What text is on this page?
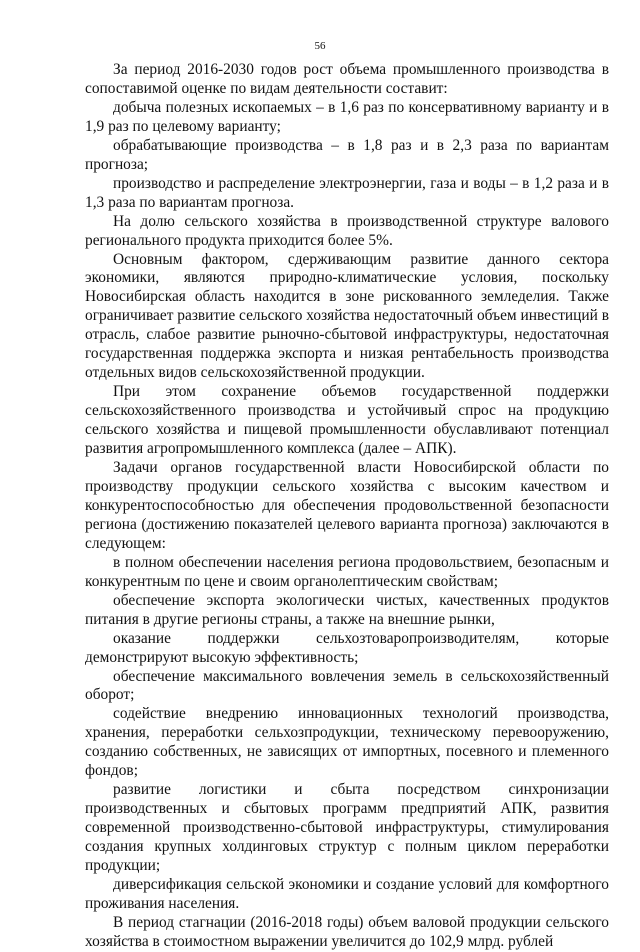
56

За период 2016-2030 годов рост объема промышленного производства в сопоставимой оценке по видам деятельности составит:

добыча полезных ископаемых – в 1,6 раз по консервативному варианту и в 1,9 раз по целевому варианту;

обрабатывающие производства – в 1,8 раз и в 2,3 раза по вариантам прогноза;

производство и распределение электроэнергии, газа и воды – в 1,2 раза и в 1,3 раза по вариантам прогноза.

На долю сельского хозяйства в производственной структуре валового регионального продукта приходится более 5%.

Основным фактором, сдерживающим развитие данного сектора экономики, являются природно-климатические условия, поскольку Новосибирская область находится в зоне рискованного земледелия. Также ограничивает развитие сельского хозяйства недостаточный объем инвестиций в отрасль, слабое развитие рыночно-сбытовой инфраструктуры, недостаточная государственная поддержка экспорта и низкая рентабельность производства отдельных видов сельскохозяйственной продукции.

При этом сохранение объемов государственной поддержки сельскохозяйственного производства и устойчивый спрос на продукцию сельского хозяйства и пищевой промышленности обуславливают потенциал развития агропромышленного комплекса (далее – АПК).

Задачи органов государственной власти Новосибирской области по производству продукции сельского хозяйства с высоким качеством и конкурентоспособностью для обеспечения продовольственной безопасности региона (достижению показателей целевого варианта прогноза) заключаются в следующем:

в полном обеспечении населения региона продовольствием, безопасным и конкурентным по цене и своим органолептическим свойствам;

обеспечение экспорта экологически чистых, качественных продуктов питания в другие регионы страны, а также на внешние рынки,

оказание поддержки сельхозтоваропроизводителям, которые демонстрируют высокую эффективность;

обеспечение максимального вовлечения земель в сельскохозяйственный оборот;

содействие внедрению инновационных технологий производства, хранения, переработки сельхозпродукции, техническому перевооружению, созданию собственных, не зависящих от импортных, посевного и племенного фондов;

развитие логистики и сбыта посредством синхронизации производственных и сбытовых программ предприятий АПК, развития современной производственно-сбытовой инфраструктуры, стимулирования создания крупных холдинговых структур с полным циклом переработки продукции;

диверсификация сельской экономики и создание условий для комфортного проживания населения.

В период стагнации (2016-2018 годы) объем валовой продукции сельского хозяйства в стоимостном выражении увеличится до 102,9 млрд. рублей
